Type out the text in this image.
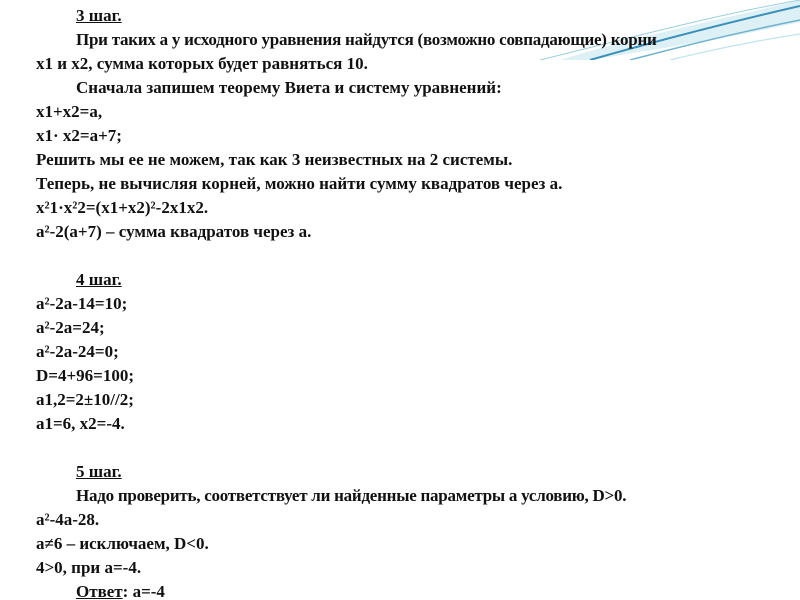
3 шаг.
При таких а у исходного уравнения найдутся (возможно совпадающие) корни
x1 и x2, сумма которых будет равняться 10.
Сначала запишем теорему Виета и систему уравнений:
x1+x2=a,
x1· x2=a+7;
Решить мы ее не можем, так как 3 неизвестных на 2 системы.
Теперь, не вычисляя корней, можно найти сумму квадратов через а.
x²1·x²2=(x1+x2)²-2x1x2.
a²-2(a+7) – сумма квадратов через а.
4 шаг.
a²-2a-14=10;
a²-2a=24;
a²-2a-24=0;
D=4+96=100;
a1,2=2±10//2;
a1=6, x2=-4.
5 шаг.
Надо проверить, соответствует ли найденные параметры а условию, D>0.
a²-4a-28.
a≠6 – исключаем, D<0.
4>0, при а=-4.
Ответ: а=-4
